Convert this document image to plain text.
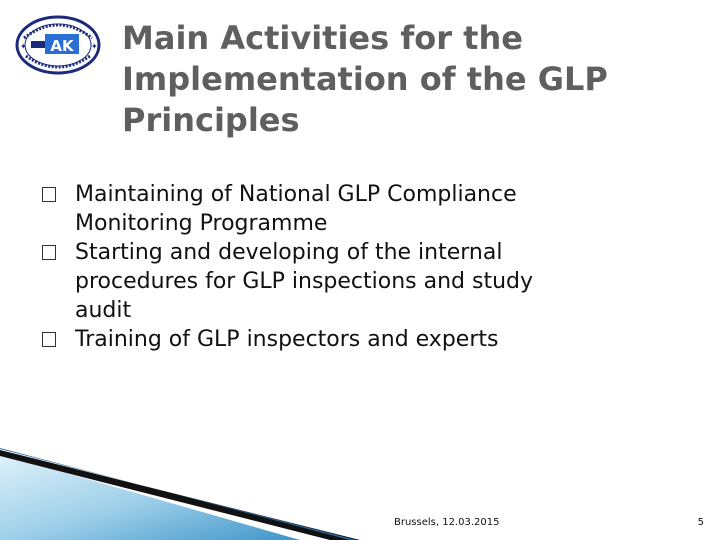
AK
✦	✦ Main Activities for the
Implementation of the GLP
Principles
Maintaining of National GLP Compliance
Monitoring Programme
Starting and developing of the internal
procedures for GLP inspections and study
audit
Training of GLP inspectors and experts
Brussels, 12.03.2015	5
